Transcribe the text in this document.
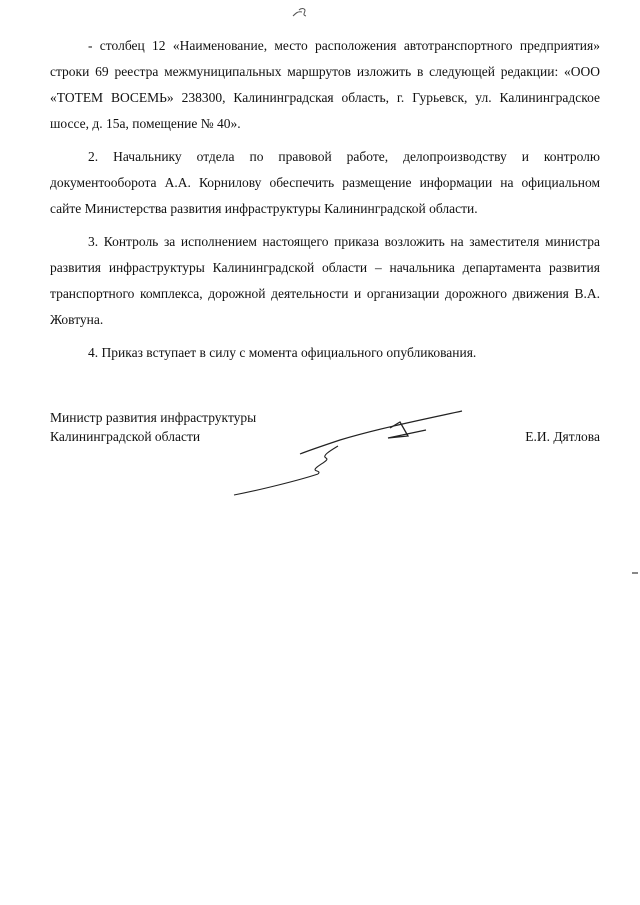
- столбец 12 «Наименование, место расположения автотранспортного предприятия» строки 69 реестра межмуниципальных маршрутов изложить в следующей редакции: «ООО «ТОТЕМ ВОСЕМЬ» 238300, Калининградская область, г. Гурьевск, ул. Калининградское шоссе, д. 15а, помещение № 40».

2. Начальнику отдела по правовой работе, делопроизводству и контролю документооборота А.А. Корнилову обеспечить размещение информации на официальном сайте Министерства развития инфраструктуры Калининградской области.

3. Контроль за исполнением настоящего приказа возложить на заместителя министра развития инфраструктуры Калининградской области – начальника департамента развития транспортного комплекса, дорожной деятельности и организации дорожного движения В.А. Жовтуна.

4. Приказ вступает в силу с момента официального опубликования.

Министр развития инфраструктуры
Калининградской области	Е.И. Дятлова
